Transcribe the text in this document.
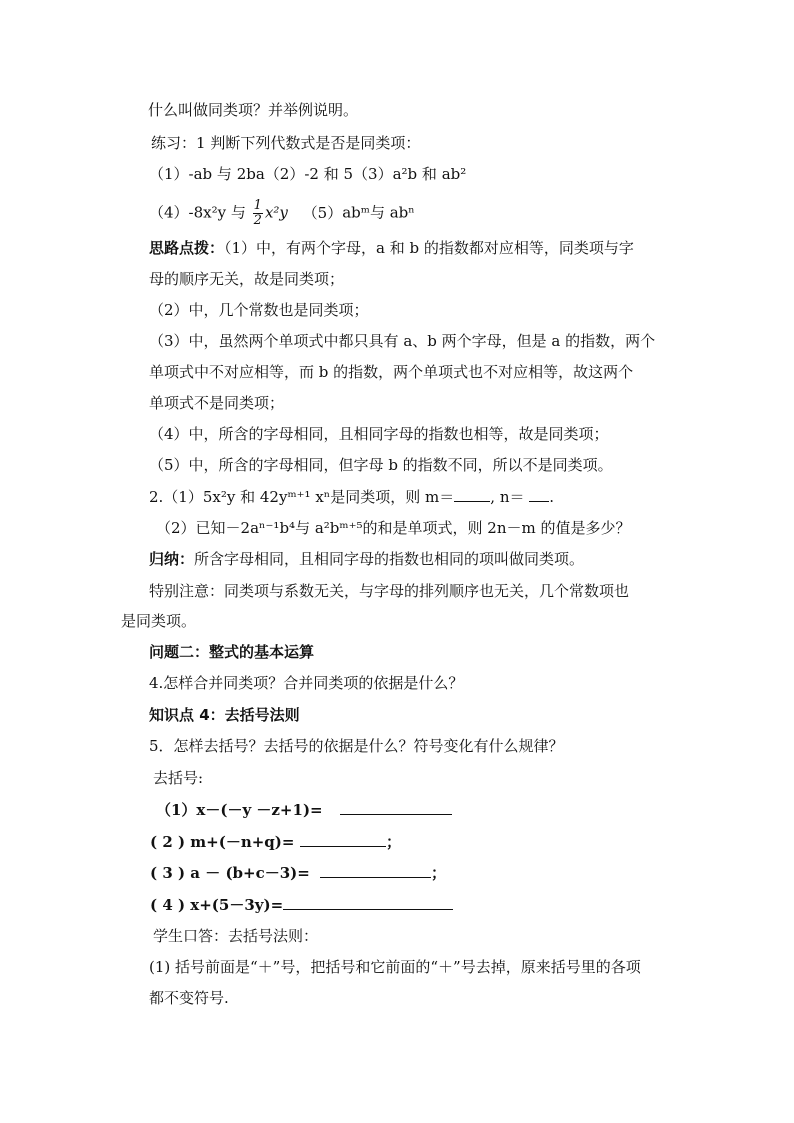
什么叫做同类项？并举例说明。
练习：1 判断下列代数式是否是同类项：
（1）-ab 与 2ba（2）-2 和 5（3）a²b 和 ab²
（4）-8x²y 与 $\frac{1}{2} x^2y$ （5）abᵐ与 abⁿ
思路点拨：（1）中，有两个字母，a 和 b 的指数都对应相等，同类项与字
母的顺序无关，故是同类项；
（2）中，几个常数也是同类项；
（3）中，虽然两个单项式中都只具有 a、b 两个字母，但是 a 的指数，两个
单项式中不对应相等，而 b 的指数，两个单项式也不对应相等，故这两个
单项式不是同类项；
（4）中，所含的字母相同，且相同字母的指数也相等，故是同类项；
（5）中，所含的字母相同，但字母 b 的指数不同，所以不是同类项。
2.（1）5x²y 和 42yᵐ⁺¹ xⁿ是同类项，则 m＝ , n＝ .
（2）已知－2aⁿ⁻¹b⁴与 a²bᵐ⁺⁵的和是单项式，则 2n－m 的值是多少？
归纳：所含字母相同，且相同字母的指数也相同的项叫做同类项。
特别注意：同类项与系数无关，与字母的排列顺序也无关，几个常数项也
是同类项。
问题二：整式的基本运算
4.怎样合并同类项？合并同类项的依据是什么？
知识点 4：去括号法则
5．怎样去括号？去括号的依据是什么？符号变化有什么规律？
去括号:
（1）x－(－y －z+1)=
( 2 ) m+(－n+q)=	；
( 3 ) a － (b+c－3)=	；
( 4 ) x+(5－3y)=
学生口答：去括号法则：
(1) 括号前面是“＋”号，把括号和它前面的“＋”号去掉，原来括号里的各项
都不变符号.
